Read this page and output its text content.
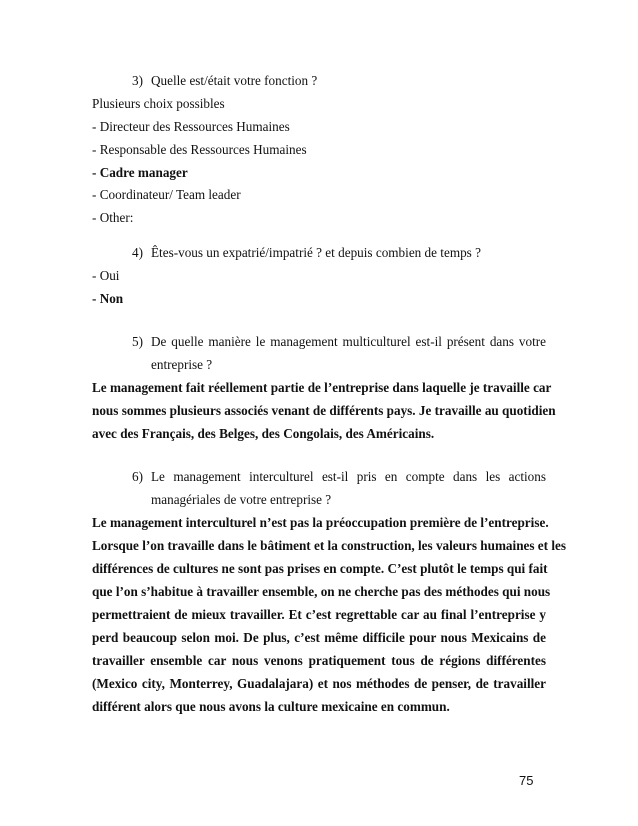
3) Quelle est/était votre fonction ?
Plusieurs choix possibles
- Directeur des Ressources Humaines
- Responsable des Ressources Humaines
- Cadre manager
- Coordinateur/ Team leader
- Other:
4) Êtes-vous un expatrié/impatrié ? et depuis combien de temps ?
- Oui
- Non
5) De quelle manière le management multiculturel est-il présent dans votre
entreprise ?
Le management fait réellement partie de l’entreprise dans laquelle je travaille car
nous sommes plusieurs associés venant de différents pays. Je travaille au quotidien
avec des Français, des Belges, des Congolais, des Américains.
6) Le management interculturel est-il pris en compte dans les actions
managériales de votre entreprise ?
Le management interculturel n’est pas la préoccupation première de l’entreprise.
Lorsque l’on travaille dans le bâtiment et la construction, les valeurs humaines et les
différences de cultures ne sont pas prises en compte. C’est plutôt le temps qui fait
que l’on s’habitue à travailler ensemble, on ne cherche pas des méthodes qui nous
permettraient de mieux travailler. Et c’est regrettable car au final l’entreprise y
perd beaucoup selon moi. De plus, c’est même difficile pour nous Mexicains de
travailler ensemble car nous venons pratiquement tous de régions différentes
(Mexico city, Monterrey, Guadalajara) et nos méthodes de penser, de travailler
différent alors que nous avons la culture mexicaine en commun.
75
